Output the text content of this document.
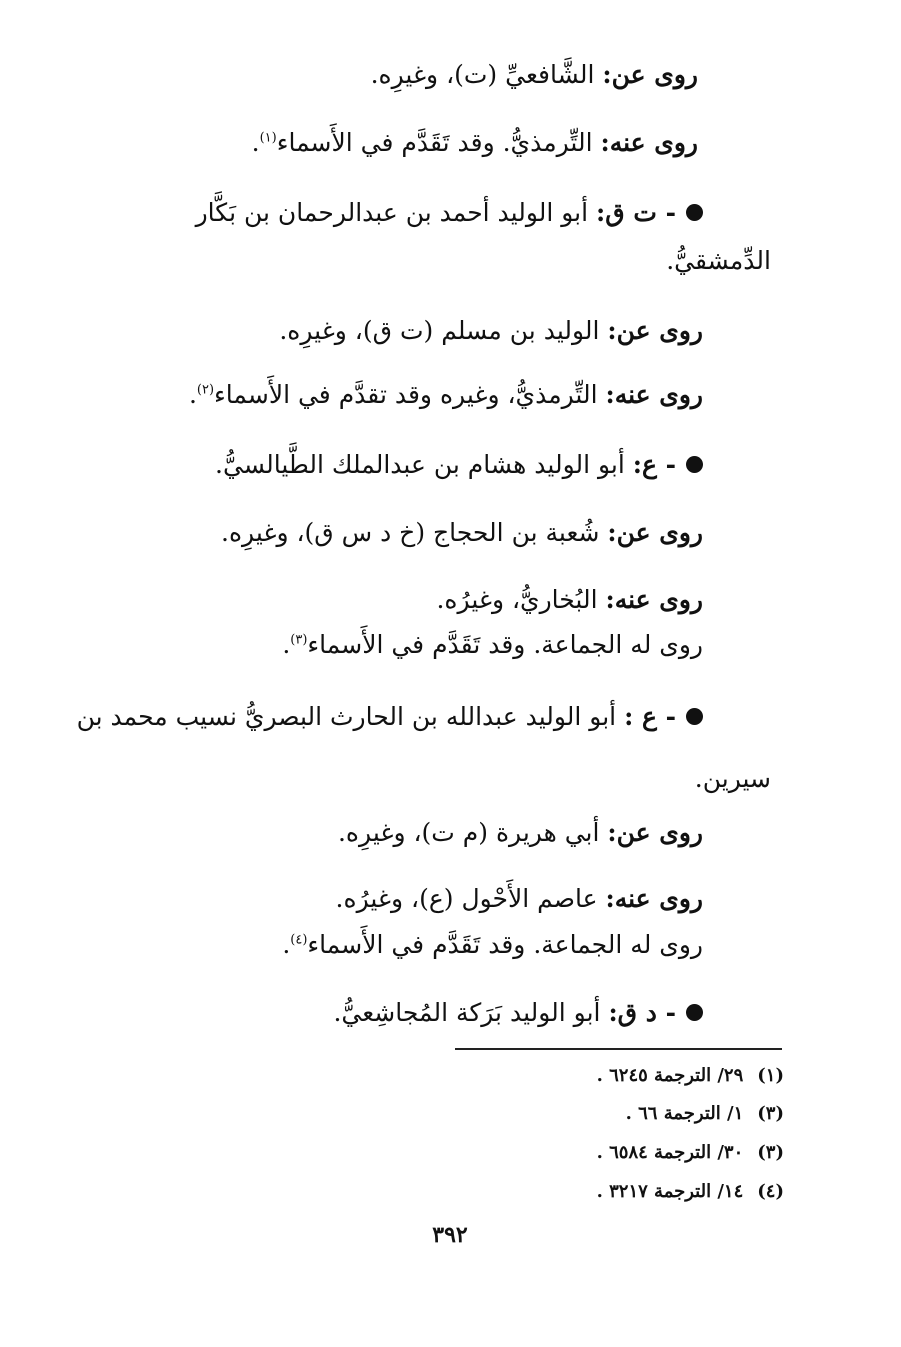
روى عن: الشَّافعيِّ (ت)، وغيرِه.
روى عنه: التِّرمذيُّ. وقد تَقَدَّم في الأَسماء$^{(١)}$.
- ت ق: أبو الوليد أحمد بن عبدالرحمان بن بَكَّار
الدِّمشقيُّ.
روى عن: الوليد بن مسلم (ت ق)، وغيرِه.
روى عنه: التِّرمذيُّ، وغيره وقد تقدَّم في الأَسماء$^{(٢)}$.
- ع: أبو الوليد هشام بن عبدالملك الطَّيالسيُّ.
روى عن: شُعبة بن الحجاج (خ د س ق)، وغيرِه.
روى عنه: البُخاريُّ، وغيرُه.
روى له الجماعة. وقد تَقَدَّم في الأَسماء$^{(٣)}$.
- ع : أبو الوليد عبدالله بن الحارث البصريُّ نسيب محمد بن
سيرين.
روى عن: أبي هريرة (م ت)، وغيرِه.
روى عنه: عاصم الأَحْول (ع)، وغيرُه.
روى له الجماعة. وقد تَقَدَّم في الأَسماء$^{(٤)}$.
- د ق: أبو الوليد بَرَكة المُجاشِعيُّ.
(١)٢٩/ الترجمة ٦٢٤٥ .
(٣)١/ الترجمة ٦٦ .
(٣)٣٠/ الترجمة ٦٥٨٤ .
(٤)١٤/ الترجمة ٣٢١٧ .
٣٩٢
